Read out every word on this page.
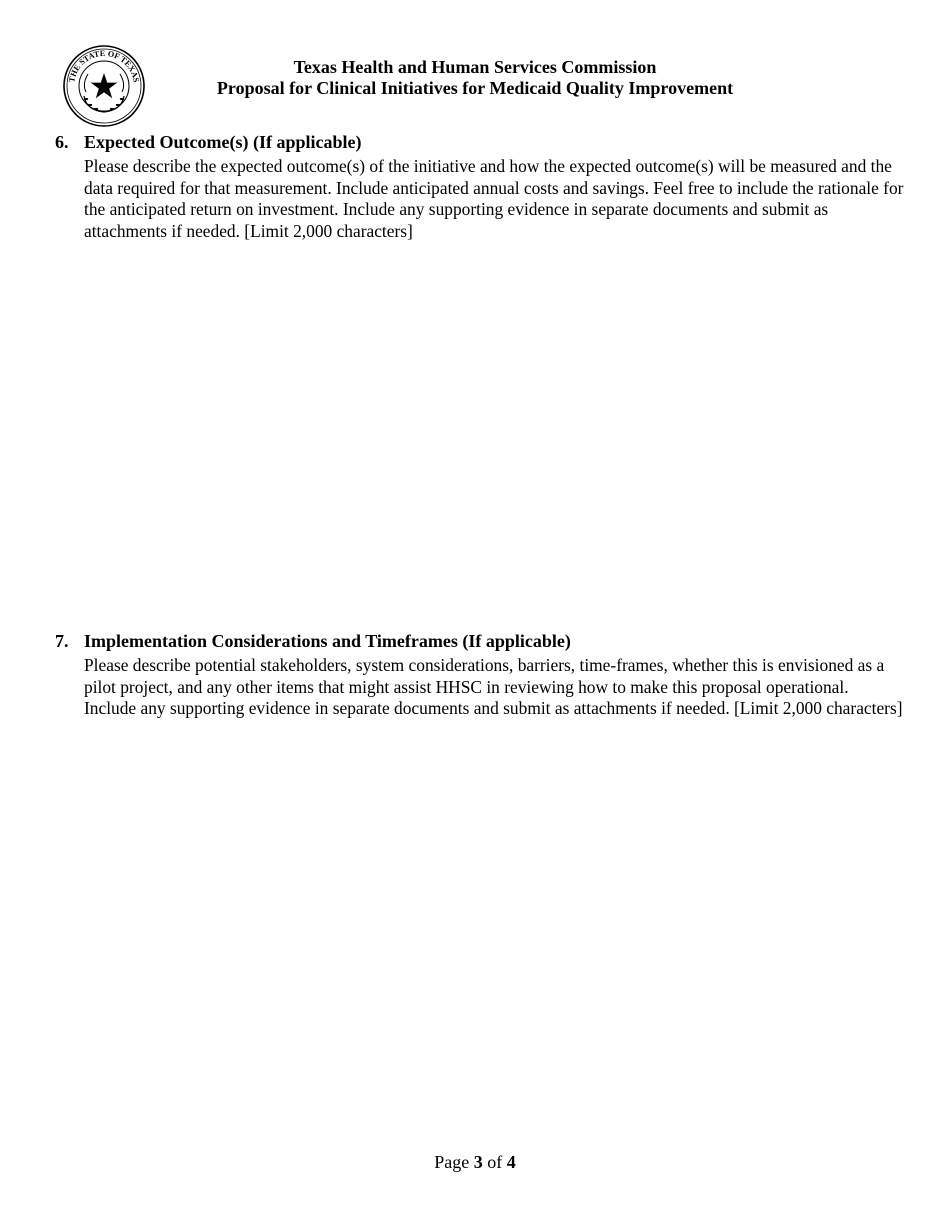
THE STATE OF TEXAS
Texas Health and Human Services Commission
Proposal for Clinical Initiatives for Medicaid Quality Improvement
6. Expected Outcome(s) (If applicable)
Please describe the expected outcome(s) of the initiative and how the expected outcome(s) will be measured and the data required for that measurement. Include anticipated annual costs and savings. Feel free to include the rationale for the anticipated return on investment. Include any supporting evidence in separate documents and submit as attachments if needed. [Limit 2,000 characters]
7. Implementation Considerations and Timeframes (If applicable)
Please describe potential stakeholders, system considerations, barriers, time-frames, whether this is envisioned as a pilot project, and any other items that might assist HHSC in reviewing how to make this proposal operational. Include any supporting evidence in separate documents and submit as attachments if needed. [Limit 2,000 characters]
Page 3 of 4
